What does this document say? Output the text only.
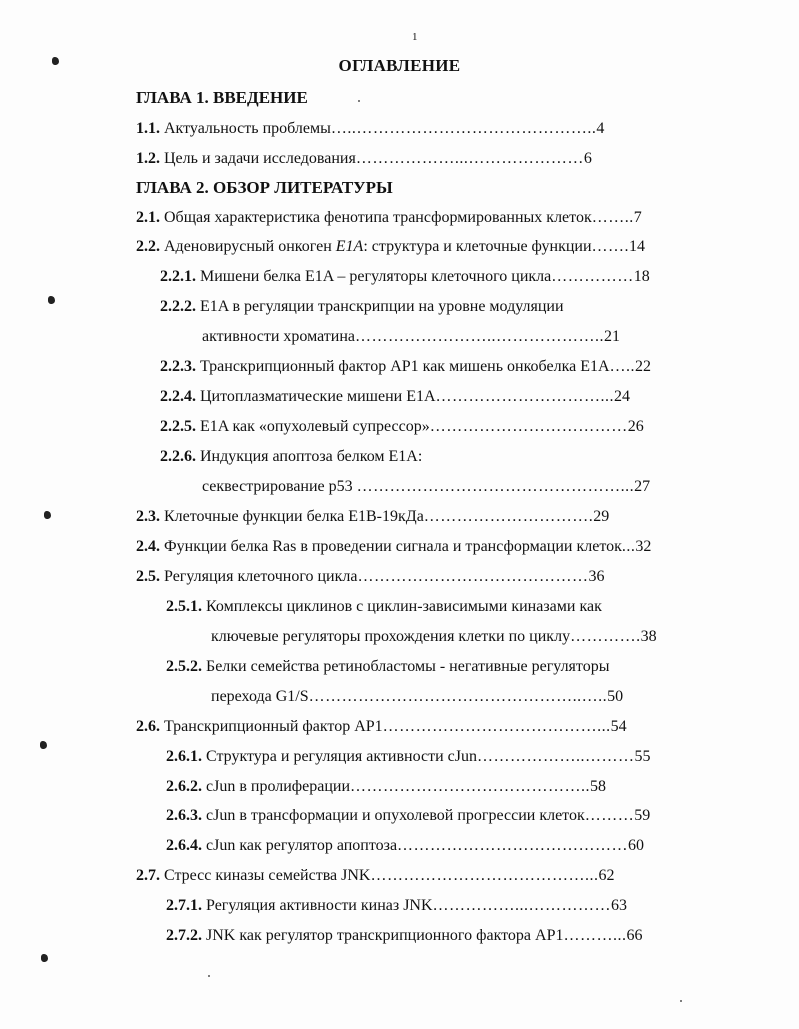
1
ОГЛАВЛЕНИЕ
ГЛАВА 1. ВВЕДЕНИЕ
1.1. Актуальность проблемы…..……………………………………..4
1.2. Цель и задачи исследования………………...…………………6
ГЛАВА 2. ОБЗОР ЛИТЕРАТУРЫ
2.1. Общая характеристика фенотипа трансформированных клеток……..7
2.2. Аденовирусный онкоген E1A: структура и клеточные функции…….14
2.2.1. Мишени белка E1A – регуляторы клеточного цикла……………18
2.2.2. E1A в регуляции транскрипции на уровне модуляции
активности хроматина……………………..………………..21
2.2.3. Транскрипционный фактор АР1 как мишень онкобелка E1A…..22
2.2.4. Цитоплазматические мишени E1A…………………………...24
2.2.5. E1A как «опухолевый супрессор»………………………………26
2.2.6. Индукция апоптоза белком E1A:
секвестрирование р53 …………………………………………...27
2.3. Клеточные функции белка E1B-19кДа………………………….29
2.4. Функции белка Ras в проведении сигнала и трансформации клеток...32
2.5. Регуляция клеточного цикла……………………………………36
2.5.1. Комплексы циклинов с циклин-зависимыми киназами как
ключевые регуляторы прохождения клетки по циклу………….38
2.5.2. Белки семейства ретинобластомы - негативные регуляторы
перехода G1/S…………………………………………..…..50
2.6. Транскрипционный фактор АР1…………………………………...54
2.6.1. Структура и регуляция активности cJun………………..………55
2.6.2. cJun в пролиферации……………………………………..58
2.6.3. cJun в трансформации и опухолевой прогрессии клеток………59
2.6.4. cJun как регулятор апоптоза……………………………………60
2.7. Стресс киназы семейства JNK…………………………………...62
2.7.1. Регуляция активности киназ JNK……………...……………63
2.7.2. JNK как регулятор транскрипционного фактора АР1………...66
